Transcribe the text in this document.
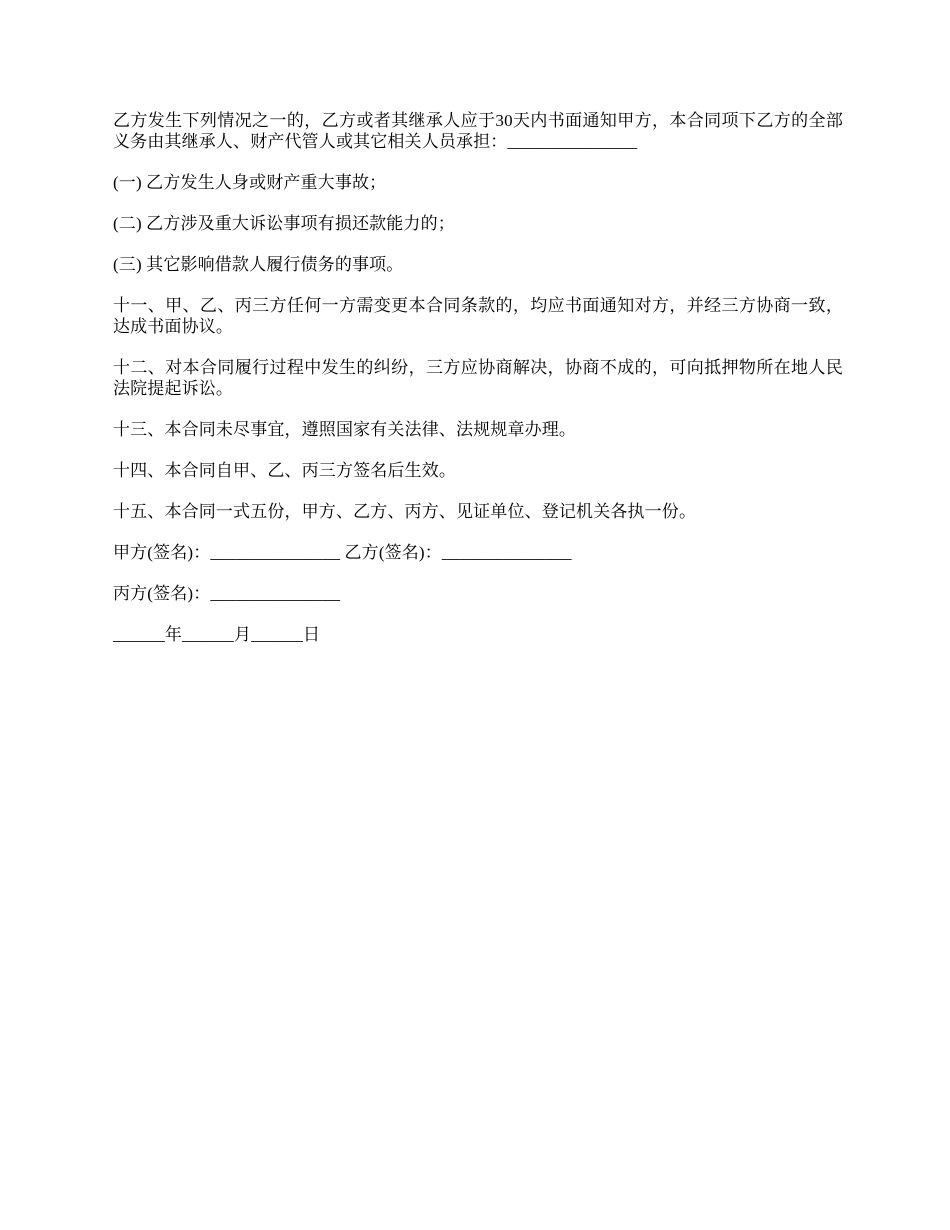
乙方发生下列情况之一的，乙方或者其继承人应于30天内书面通知甲方，本合同项下乙方的全部义务由其继承人、财产代管人或其它相关人员承担：_______________

(一) 乙方发生人身或财产重大事故；

(二) 乙方涉及重大诉讼事项有损还款能力的；

(三) 其它影响借款人履行债务的事项。

十一、甲、乙、丙三方任何一方需变更本合同条款的，均应书面通知对方，并经三方协商一致，达成书面协议。

十二、对本合同履行过程中发生的纠纷，三方应协商解决，协商不成的，可向抵押物所在地人民法院提起诉讼。

十三、本合同未尽事宜，遵照国家有关法律、法规规章办理。

十四、本合同自甲、乙、丙三方签名后生效。

十五、本合同一式五份，甲方、乙方、丙方、见证单位、登记机关各执一份。

甲方(签名)：_______________ 乙方(签名)：_______________

丙方(签名)：_______________

______年______月______日
